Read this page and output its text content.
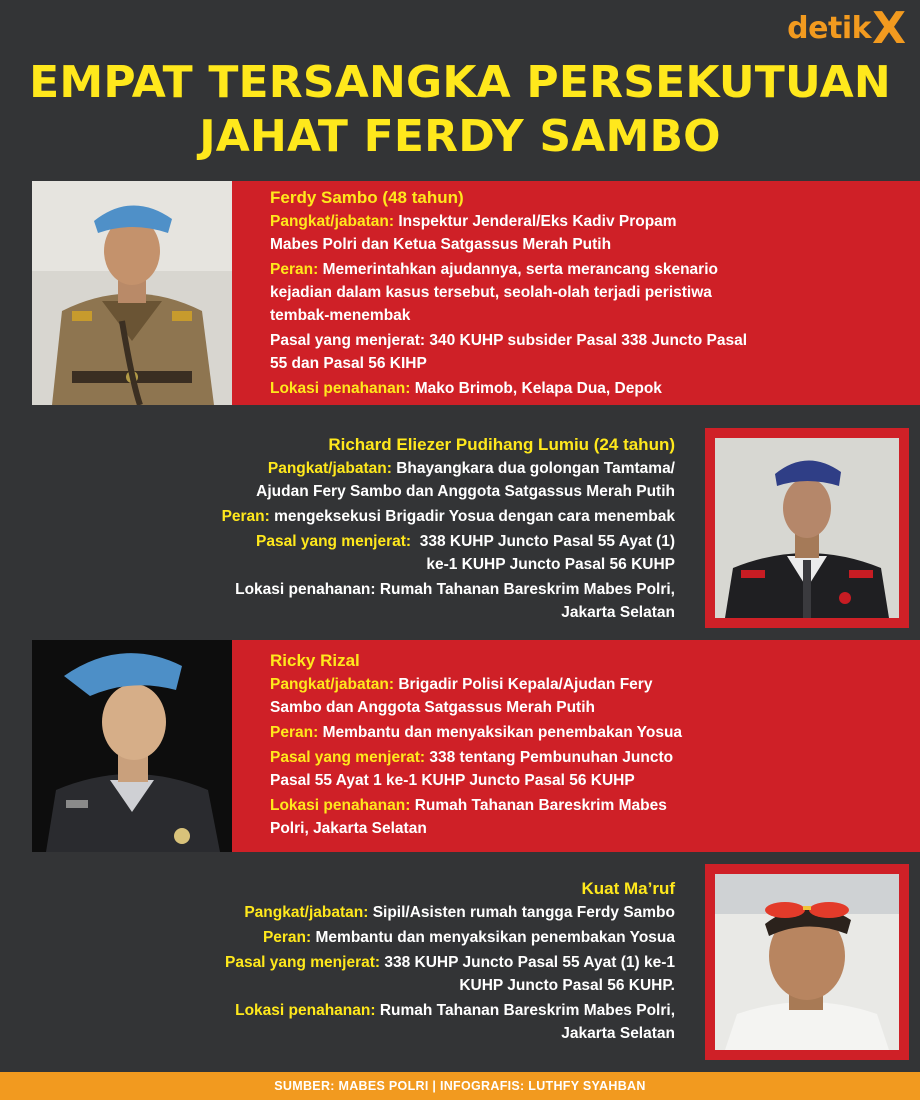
detik X
EMPAT TERSANGKA PERSEKUTUAN
JAHAT FERDY SAMBO
Ferdy Sambo (48 tahun)

Pangkat/jabatan: Inspektur Jenderal/Eks Kadiv Propam

Mabes Polri dan Ketua Satgassus Merah Putih

Peran: Memerintahkan ajudannya, serta merancang skenario

kejadian dalam kasus tersebut, seolah-olah terjadi peristiwa

tembak-menembak

Pasal yang menjerat: 340 KUHP subsider Pasal 338 Juncto Pasal

55 dan Pasal 56 KIHP

Lokasi penahanan: Mako Brimob, Kelapa Dua, Depok

Richard Eliezer Pudihang Lumiu (24 tahun)

Pangkat/jabatan: Bhayangkara dua golongan Tamtama/

Ajudan Fery Sambo dan Anggota Satgassus Merah Putih

Peran: mengeksekusi Brigadir Yosua dengan cara menembak

Pasal yang menjerat: 338 KUHP Juncto Pasal 55 Ayat (1)

ke-1 KUHP Juncto Pasal 56 KUHP

Lokasi penahanan: Rumah Tahanan Bareskrim Mabes Polri,

Jakarta Selatan

Ricky Rizal

Pangkat/jabatan: Brigadir Polisi Kepala/Ajudan Fery

Sambo dan Anggota Satgassus Merah Putih

Peran: Membantu dan menyaksikan penembakan Yosua

Pasal yang menjerat: 338 tentang Pembunuhan Juncto

Pasal 55 Ayat 1 ke-1 KUHP Juncto Pasal 56 KUHP

Lokasi penahanan: Rumah Tahanan Bareskrim Mabes

Polri, Jakarta Selatan

Kuat Ma’ruf

Pangkat/jabatan: Sipil/Asisten rumah tangga Ferdy Sambo

Peran: Membantu dan menyaksikan penembakan Yosua

Pasal yang menjerat: 338 KUHP Juncto Pasal 55 Ayat (1) ke-1

KUHP Juncto Pasal 56 KUHP.

Lokasi penahanan: Rumah Tahanan Bareskrim Mabes Polri,

Jakarta Selatan

SUMBER: MABES POLRI | INFOGRAFIS: LUTHFY SYAHBAN
